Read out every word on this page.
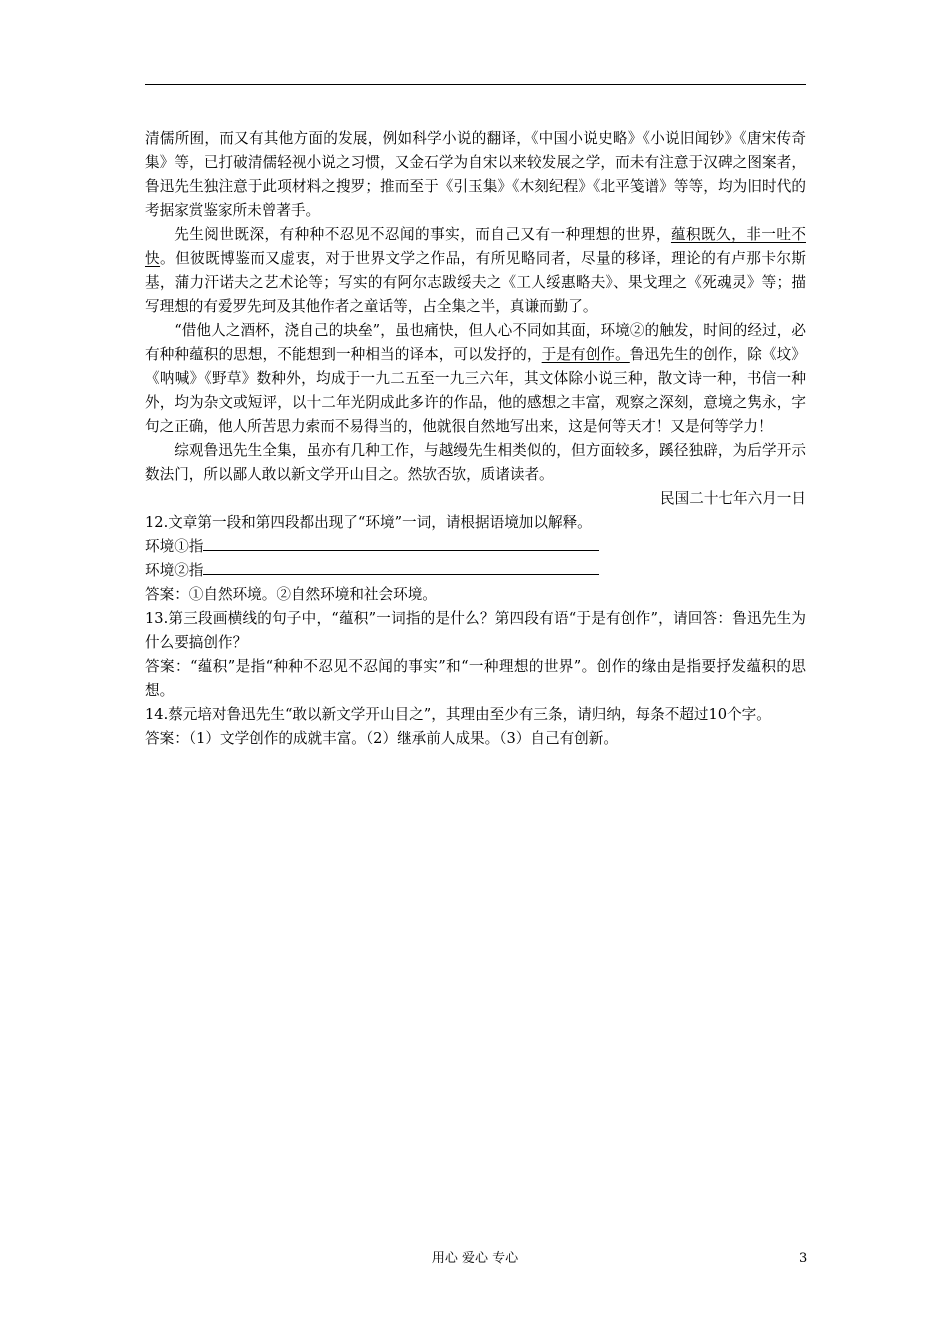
清儒所囿，而又有其他方面的发展，例如科学小说的翻译，《中国小说史略》《小说旧闻钞》《唐宋传奇集》等，已打破清儒轻视小说之习惯，又金石学为自宋以来较发展之学，而未有注意于汉碑之图案者，鲁迅先生独注意于此项材料之搜罗；推而至于《引玉集》《木刻纪程》《北平笺谱》等等，均为旧时代的考据家赏鉴家所未曾著手。

先生阅世既深，有种种不忍见不忍闻的事实，而自己又有一种理想的世界，蕴积既久，非一吐不快。但彼既博鉴而又虚衷，对于世界文学之作品，有所见略同者，尽量的移译，理论的有卢那卡尔斯基，蒲力汗诺夫之艺术论等；写实的有阿尔志跋绥夫之《工人绥惠略夫》、果戈理之《死魂灵》等；描写理想的有爱罗先珂及其他作者之童话等，占全集之半，真谦而勤了。

“借他人之酒杯，浇自己的块垒”，虽也痛快，但人心不同如其面，环境②的触发，时间的经过，必有种种蕴积的思想，不能想到一种相当的译本，可以发抒的，于是有创作。鲁迅先生的创作，除《坟》《呐喊》《野草》数种外，均成于一九二五至一九三六年，其文体除小说三种，散文诗一种，书信一种外，均为杂文或短评，以十二年光阴成此多许的作品，他的感想之丰富，观察之深刻，意境之隽永，字句之正确，他人所苦思力索而不易得当的，他就很自然地写出来，这是何等天才！又是何等学力！

综观鲁迅先生全集，虽亦有几种工作，与越缦先生相类似的，但方面较多，蹊径独辟，为后学开示数法门，所以鄙人敢以新文学开山目之。然欤否欤，质诸读者。

民国二十七年六月一日

12.文章第一段和第四段都出现了“环境”一词，请根据语境加以解释。

环境①指

环境②指

答案：①自然环境。②自然环境和社会环境。

13.第三段画横线的句子中，“蕴积”一词指的是什么？第四段有语“于是有创作”，请回答：鲁迅先生为什么要搞创作？

答案：“蕴积”是指“种种不忍见不忍闻的事实”和“一种理想的世界”。创作的缘由是指要抒发蕴积的思想。

14.蔡元培对鲁迅先生“敢以新文学开山目之”，其理由至少有三条，请归纳，每条不超过10个字。

答案：（1）文学创作的成就丰富。（2）继承前人成果。（3）自己有创新。

用心 爱心 专心	3
